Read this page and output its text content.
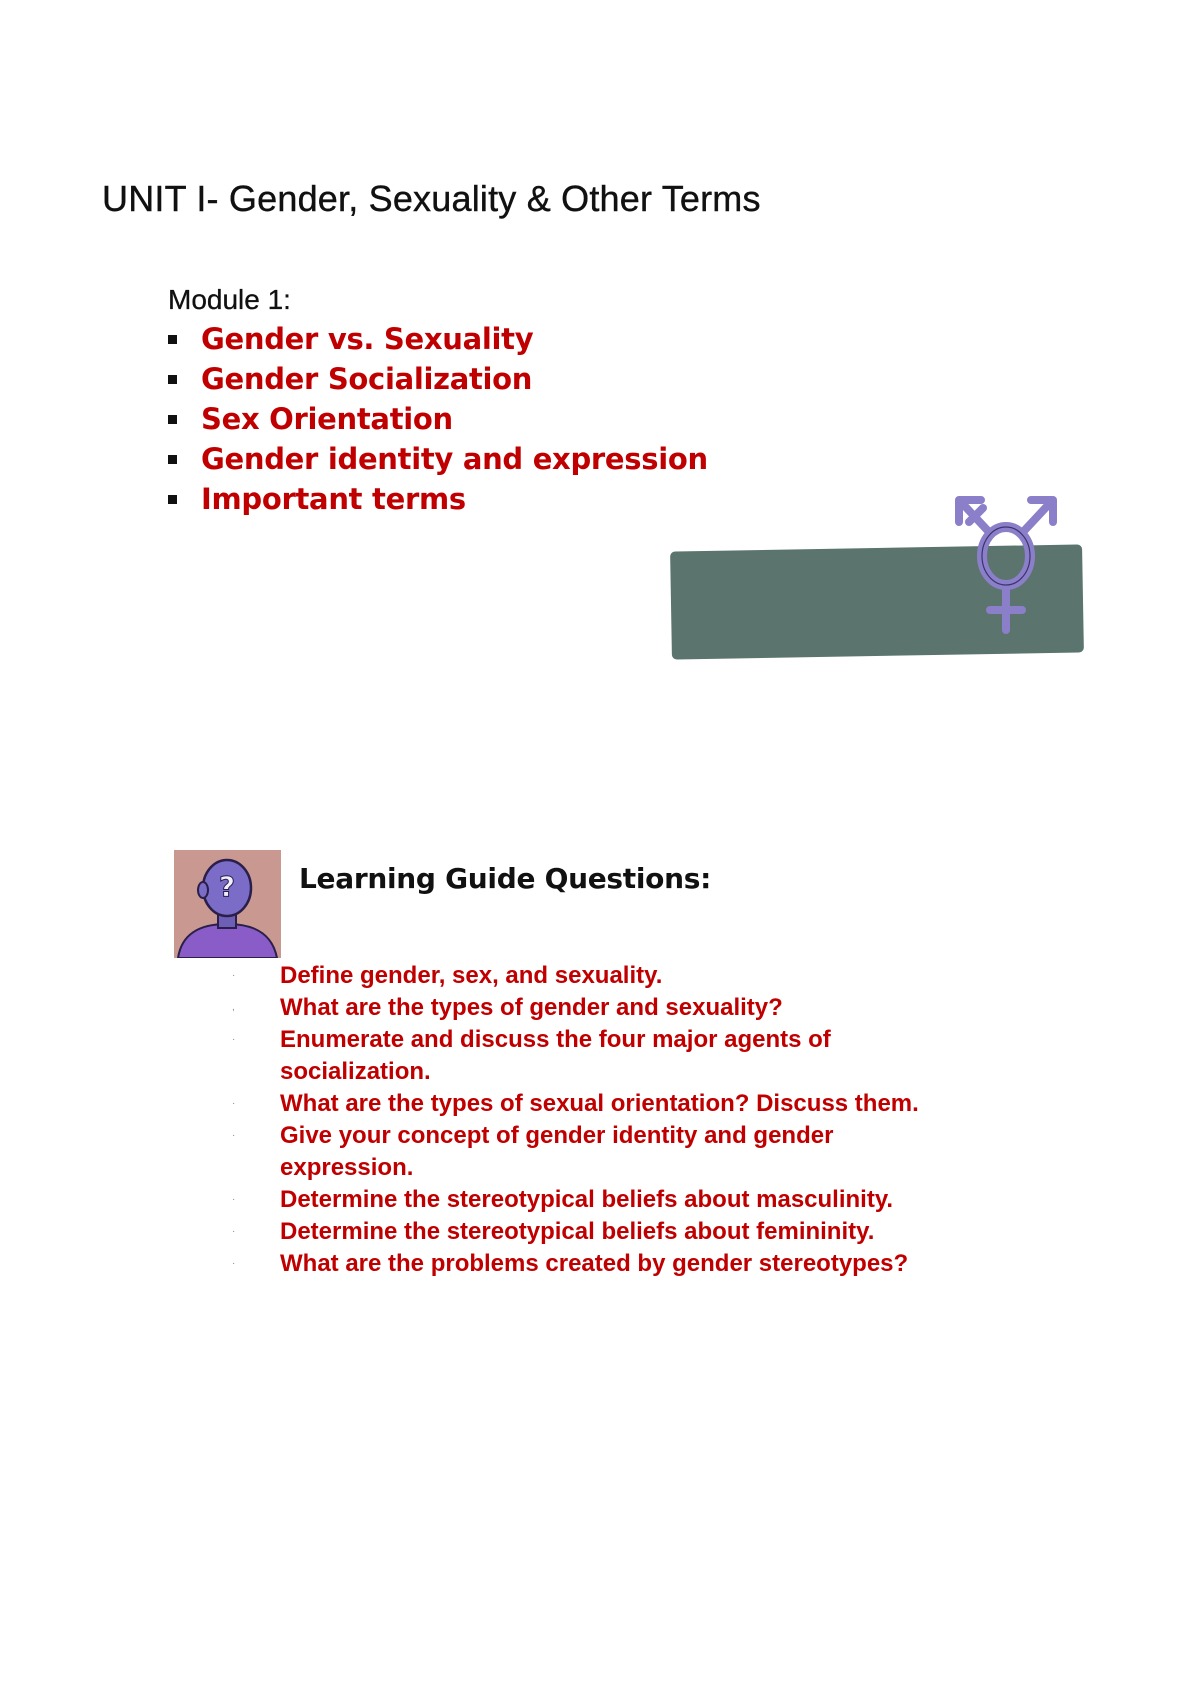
UNIT I- Gender, Sexuality & Other Terms

Module 1:

Gender vs. Sexuality
Gender Socialization
Sex Orientation
Gender identity and expression
Important terms
? Learning Guide Questions:
·	Define gender, sex, and sexuality.
,	What are the types of gender and sexuality?
·	Enumerate and discuss the four major agents of
socialization.
·	What are the types of sexual orientation? Discuss them.
·	Give your concept of gender identity and gender
expression.
·	Determine the stereotypical beliefs about masculinity.
·	Determine the stereotypical beliefs about femininity.
·	What are the problems created by gender stereotypes?
